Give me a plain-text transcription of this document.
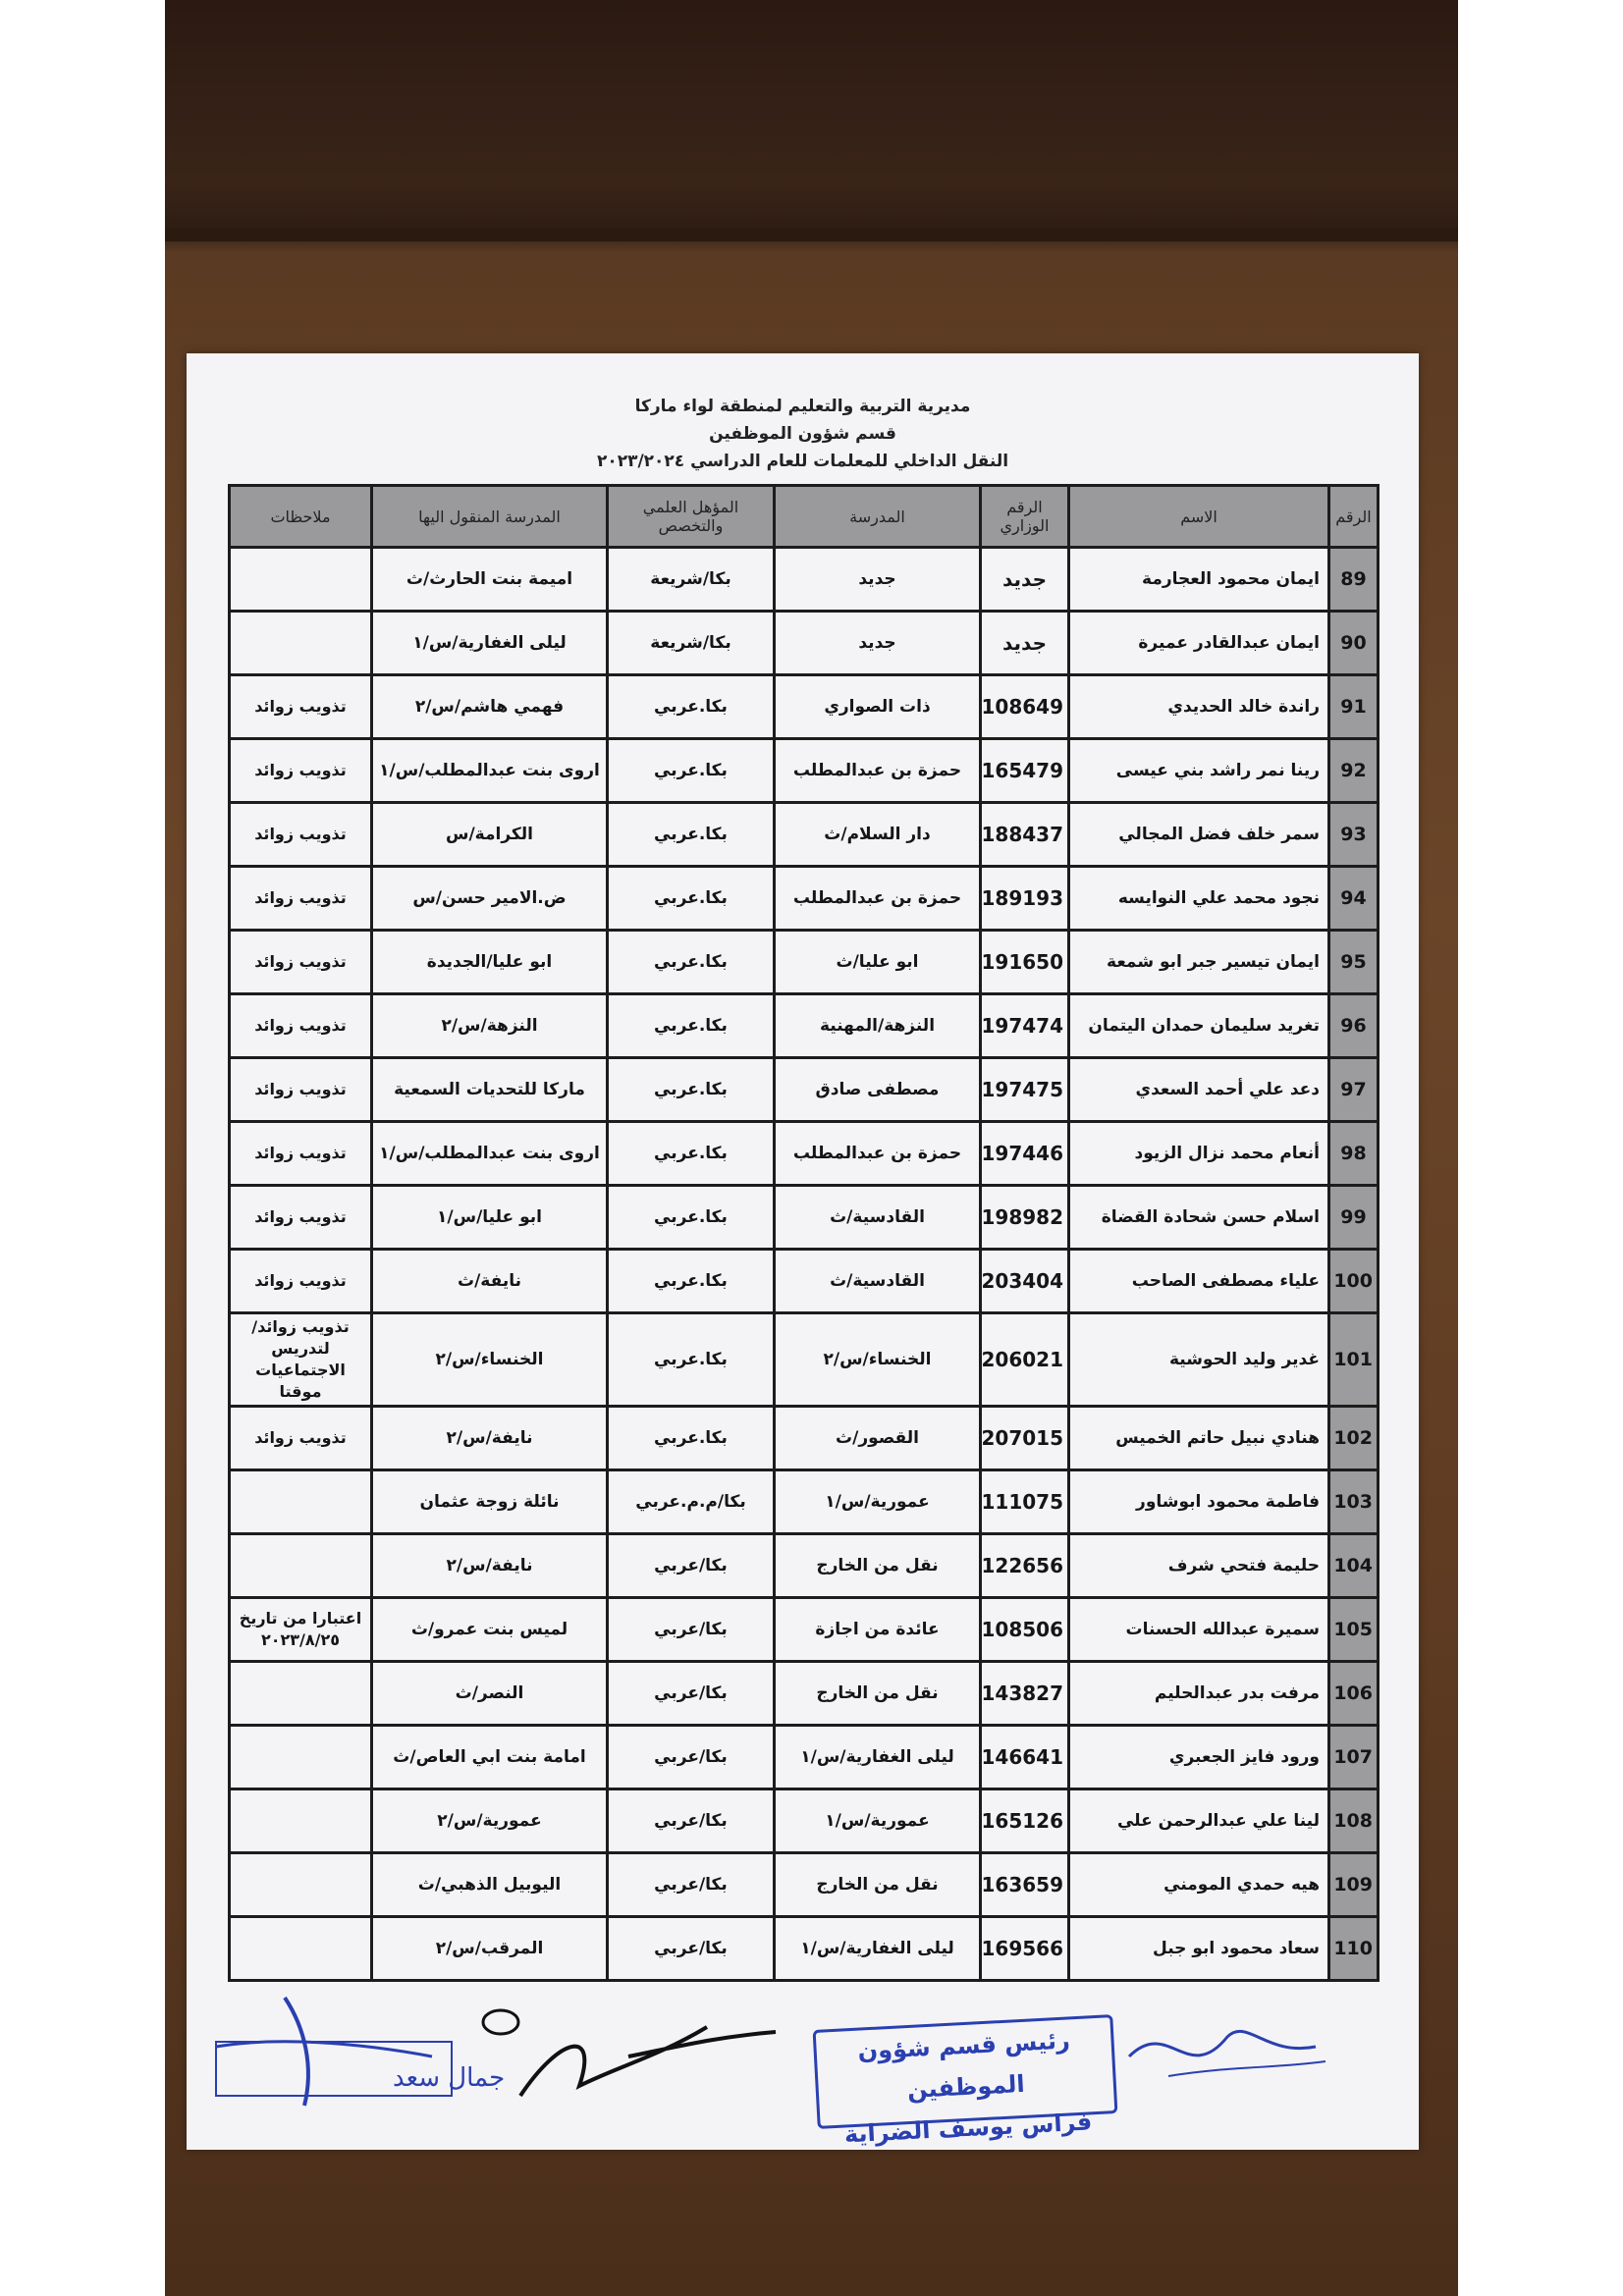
مديرية التربية والتعليم لمنطقة لواء ماركا
قسم شؤون الموظفين
النقل الداخلي للمعلمات للعام الدراسي ٢٠٢٣/٢٠٢٤
الرقم	الاسم	الرقم الوزاري	المدرسة	المؤهل العلمي والتخصص	المدرسة المنقول اليها	ملاحظات
89	ايمان محمود العجارمة	جديد	جديد	بكا/شريعة	اميمة بنت الحارث/ث	
90	ايمان عبدالقادر عميرة	جديد	جديد	بكا/شريعة	ليلى الغفارية/س/١	
91	راندة خالد الحديدي	108649	ذات الصواري	بكا.عربي	فهمي هاشم/س/٢	تذويب زوائد
92	رينا نمر راشد بني عيسى	165479	حمزة بن عبدالمطلب	بكا.عربي	اروى بنت عبدالمطلب/س/١	تذويب زوائد
93	سمر خلف فضل المجالي	188437	دار السلام/ث	بكا.عربي	الكرامة/س	تذويب زوائد
94	نجود محمد علي النوايسه	189193	حمزة بن عبدالمطلب	بكا.عربي	ض.الامير حسن/س	تذويب زوائد
95	ايمان تيسير جبر ابو شمعة	191650	ابو عليا/ث	بكا.عربي	ابو عليا/الجديدة	تذويب زوائد
96	تغريد سليمان حمدان اليتمان	197474	النزهة/المهنية	بكا.عربي	النزهة/س/٢	تذويب زوائد
97	دعد علي أحمد السعدي	197475	مصطفى صادق	بكا.عربي	ماركا للتحديات السمعية	تذويب زوائد
98	أنعام محمد نزال الزيود	197446	حمزة بن عبدالمطلب	بكا.عربي	اروى بنت عبدالمطلب/س/١	تذويب زوائد
99	اسلام حسن شحادة القضاة	198982	القادسية/ث	بكا.عربي	ابو عليا/س/١	تذويب زوائد
100	علياء مصطفى الصاحب	203404	القادسية/ث	بكا.عربي	نايفة/ث	تذويب زوائد
101	غدير وليد الحوشية	206021	الخنساء/س/٢	بكا.عربي	الخنساء/س/٢	تذويب زوائد/ لتدريس الاجتماعيات موقتا
102	هنادي نبيل حاتم الخميس	207015	القصور/ث	بكا.عربي	نايفة/س/٢	تذويب زوائد
103	فاطمة محمود ابوشاور	111075	عمورية/س/١	بكا/م.م.عربي	نائلة زوجة عثمان	
104	حليمة فتحي شرف	122656	نقل من الخارج	بكا/عربي	نايفة/س/٢	
105	سميرة عبدالله الحسنات	108506	عائدة من اجازة	بكا/عربي	لميس بنت عمرو/ث	اعتبارا من تاريخ ٢٠٢٣/٨/٢٥
106	مرفت بدر عبدالحليم	143827	نقل من الخارج	بكا/عربي	النصر/ث	
107	ورود فايز الجعبري	146641	ليلى الغفارية/س/١	بكا/عربي	امامة بنت ابي العاص/ث	
108	لينا علي عبدالرحمن علي	165126	عمورية/س/١	بكا/عربي	عمورية/س/٢	
109	هيه حمدي المومني	163659	نقل من الخارج	بكا/عربي	اليوبيل الذهبي/ث	
110	سعاد محمود ابو جبل	169566	ليلى الغفارية/س/١	بكا/عربي	المرقب/س/٢	
جمال سعد
رئيس قسم شؤون الموظفين
فراس يوسف الضراية
